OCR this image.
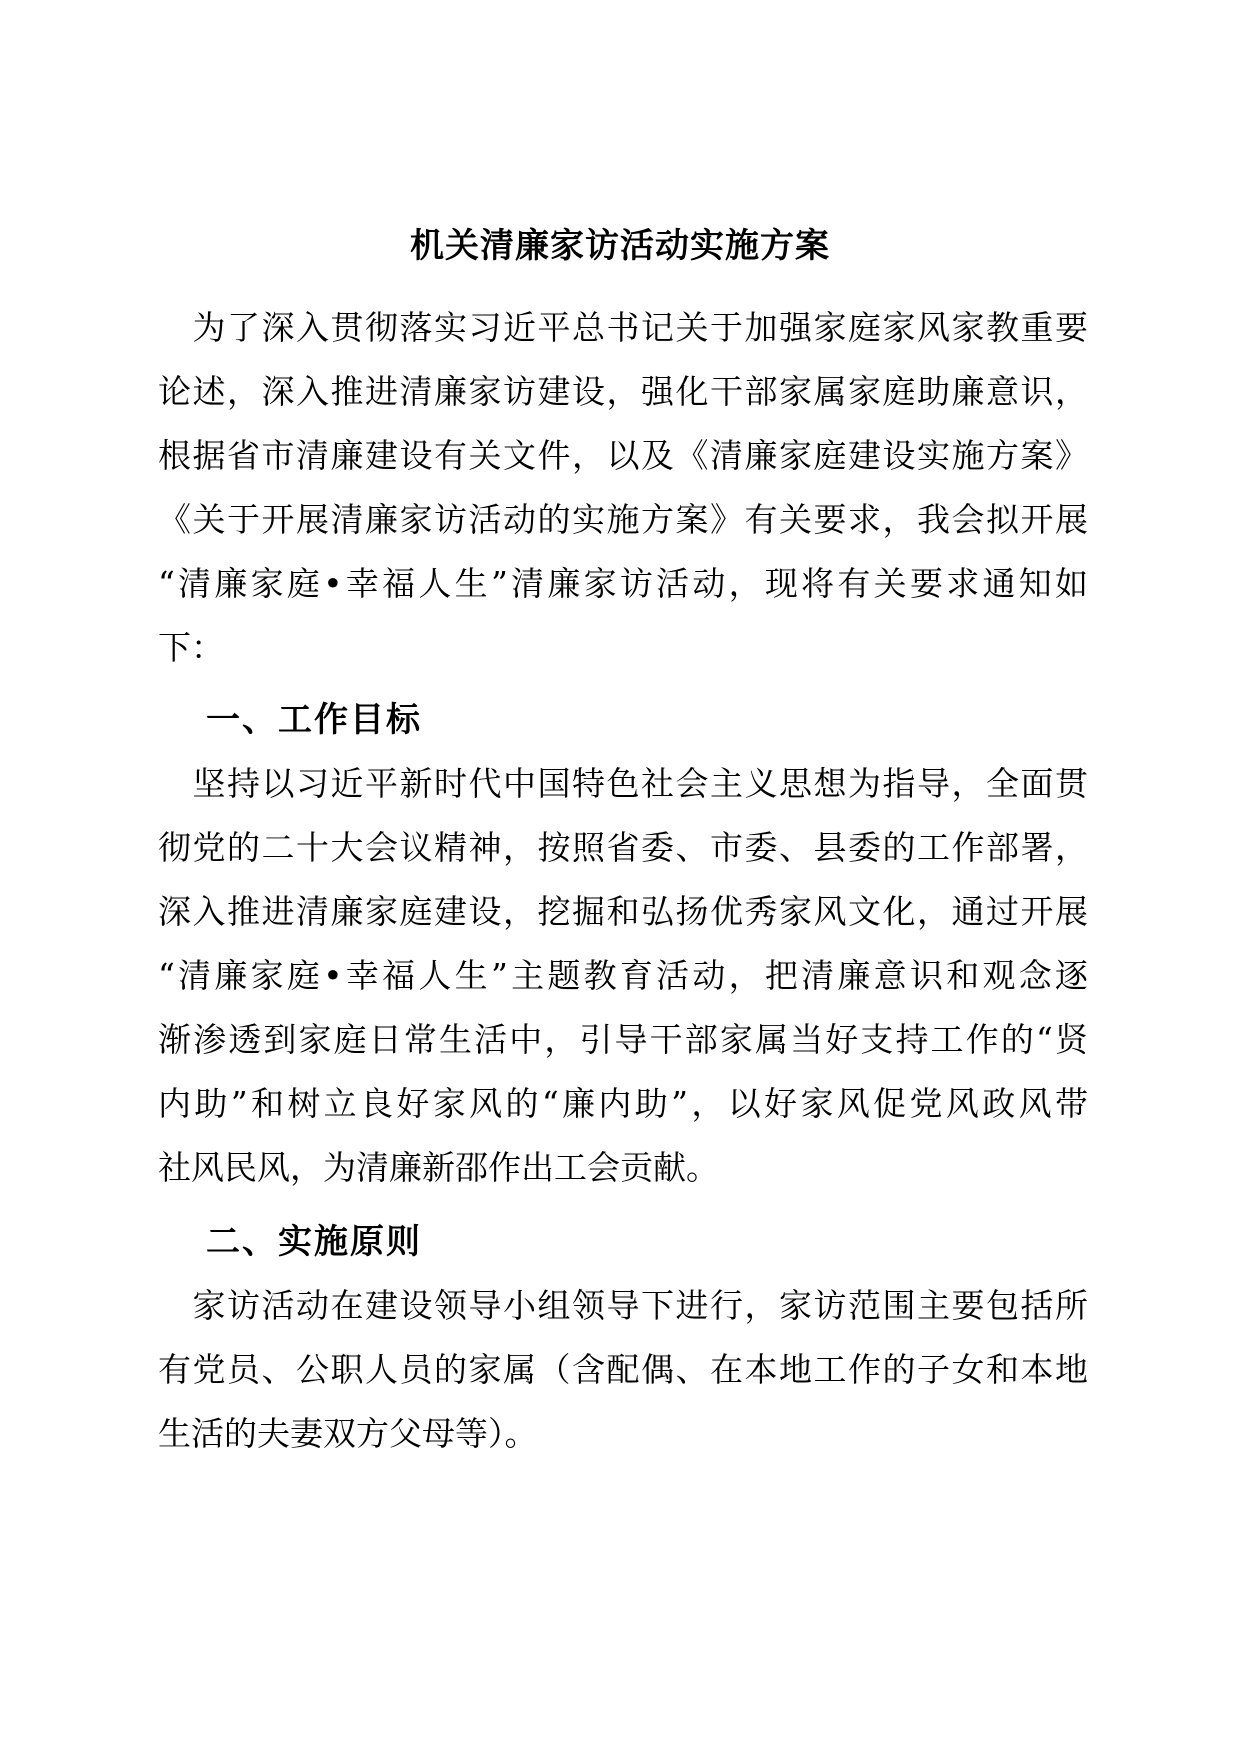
机关清廉家访活动实施方案
　为了深入贯彻落实习近平总书记关于加强家庭家风家教重要
论述，深入推进清廉家访建设，强化干部家属家庭助廉意识，
根据省市清廉建设有关文件，以及《清廉家庭建设实施方案》
《关于开展清廉家访活动的实施方案》有关要求，我会拟开展
“清廉家庭•幸福人生”清廉家访活动，现将有关要求通知如
下：
一、工作目标
　坚持以习近平新时代中国特色社会主义思想为指导，全面贯
彻党的二十大会议精神，按照省委、市委、县委的工作部署，
深入推进清廉家庭建设，挖掘和弘扬优秀家风文化，通过开展
“清廉家庭•幸福人生”主题教育活动，把清廉意识和观念逐
渐渗透到家庭日常生活中，引导干部家属当好支持工作的“贤
内助”和树立良好家风的“廉内助”，以好家风促党风政风带
社风民风，为清廉新邵作出工会贡献。
二、实施原则
　家访活动在建设领导小组领导下进行，家访范围主要包括所
有党员、公职人员的家属（含配偶、在本地工作的子女和本地
生活的夫妻双方父母等）。
